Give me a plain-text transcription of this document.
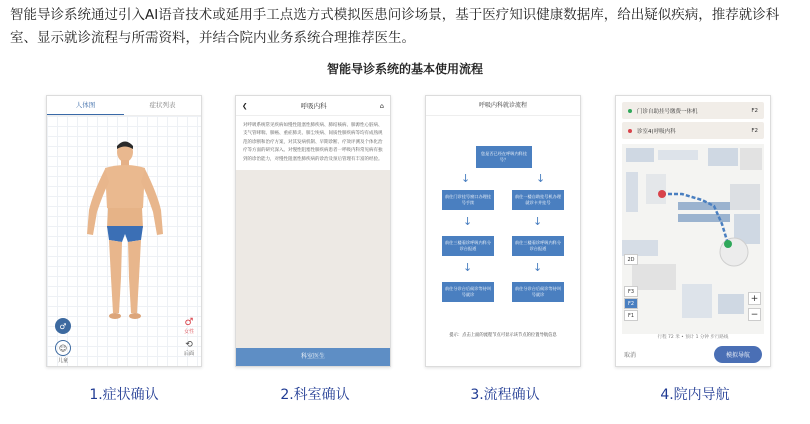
智能导诊系统通过引入AI语音技术或延用手工点选方式模拟医患问诊场景，基于医疗知识健康数据库，给出疑似疾病，推荐就诊科室、显示就诊流程与所需资料，并结合院内业务系统合理推荐医生。
智能导诊系统的基本使用流程
人体图	症状列表
♂
☺
儿童
♂
女性
⟲
后面
1.症状确认
❮	呼吸内科	⌂
对呼吸系统常见疾病如慢性阻塞性肺疾病、肺结核病、肺源性心脏病、支气管哮喘、肺癌、重症肺炎、肺尘埃病、间质性肺疾病等均有成熟规范的诊断和治疗方案，对其发病机制、早期诊断、疗效评测及个体化治疗等方面的研究深入。对慢性阻塞性肺疾病患者一呼吸内科常见病有独到的诊治能力，对慢性阻塞性肺疾病的诊治及预后管理有丰富的经验。
科室医生
2.科室确认
呼吸内科就诊流程
您是否已经在呼吸内科挂号？
↓	↓
前往门诊挂号窗口办理挂号手续
前往一楼自助挂号机办理就诊卡并挂号
↓	↓
前往三楼看诊呼吸内科分诊台报道
前往三楼看诊呼吸内科分诊台报道
↓	↓
前往分诊台后候诊等待叫号就诊
前往分诊台后候诊等待叫号就诊
提示：点击上面的流程节点可显示该节点的位置导航信息
3.流程确认
门诊自助挂号缴费一体机	F2
诊室4(呼吸内科	F2
2D
F3
F2
F1
+
−
行程 72 米 • 预计 1 分钟 步行路线
取消	模拟导航
4.院内导航
